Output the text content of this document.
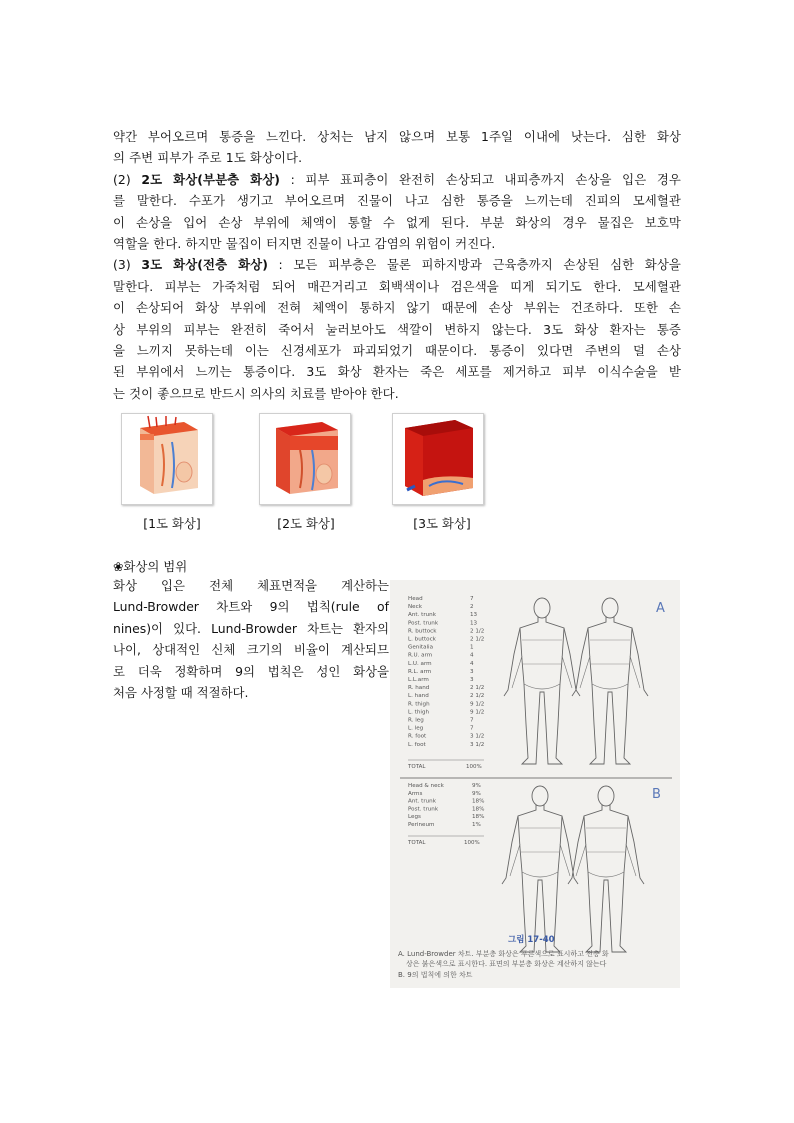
약간 부어오르며 통증을 느낀다. 상처는 남지 않으며 보통 1주일 이내에 낫는다. 심한 화상
의 주변 피부가 주로 1도 화상이다.
(2) 2도 화상(부분층 화상) : 피부 표피층이 완전히 손상되고 내피층까지 손상을 입은 경우
를 말한다. 수포가 생기고 부어오르며 진물이 나고 심한 통증을 느끼는데 진피의 모세혈관
이 손상을 입어 손상 부위에 체액이 통할 수 없게 된다. 부분 화상의 경우 물집은 보호막
역할을 한다. 하지만 물집이 터지면 진물이 나고 감염의 위험이 커진다.
(3) 3도 화상(전층 화상) : 모든 피부층은 물론 피하지방과 근육층까지 손상된 심한 화상을
말한다. 피부는 가죽처럼 되어 매끈거리고 회백색이나 검은색을 띠게 되기도 한다. 모세혈관
이 손상되어 화상 부위에 전혀 체액이 통하지 않기 때문에 손상 부위는 건조하다. 또한 손
상 부위의 피부는 완전히 죽어서 눌러보아도 색깔이 변하지 않는다. 3도 화상 환자는 통증
을 느끼지 못하는데 이는 신경세포가 파괴되었기 때문이다. 통증이 있다면 주변의 덜 손상
된 부위에서 느끼는 통증이다. 3도 화상 환자는 죽은 세포를 제거하고 피부 이식수술을 받
는 것이 좋으므로 반드시 의사의 치료를 받아야 한다.
[1도 화상]	[2도 화상]	[3도 화상]
❀화상의 범위
화상 입은 전체 체표면적을 계산하는
Lund-Browder 차트와 9의 법칙(rule of
nines)이 있다. Lund-Browder 차트는 환자의
나이, 상대적인 신체 크기의 비율이 계산되므
로 더욱 정확하며 9의 법칙은 성인 화상을
처음 사정할 때 적절하다.
A
Head	7
Neck	2
Ant. trunk	13
Post. trunk	13
R. buttock	2 1/2
L. buttock	2 1/2
Genitalia	1
R.U. arm	4
L.U. arm	4
R.L. arm	3
L.L.arm	3
R. hand	2 1/2
L. hand	2 1/2
R. thigh	9 1/2
L. thigh	9 1/2
R. leg	7
L. leg	7
R. foot	3 1/2
L. foot	3 1/2
TOTAL	100%
B
Head & neck	9%
Arms	9%
Ant. trunk	18%
Post. trunk	18%
Legs	18%
Perineum	1%
TOTAL	100%
그림 17-40
A. Lund-Browder 차트. 부분층 화상은 푸른색으로 표시하고 전층 화
상은 붉은색으로 표시한다. 표면의 부분층 화상은 계산하지 않는다
B. 9의 법칙에 의한 차트
